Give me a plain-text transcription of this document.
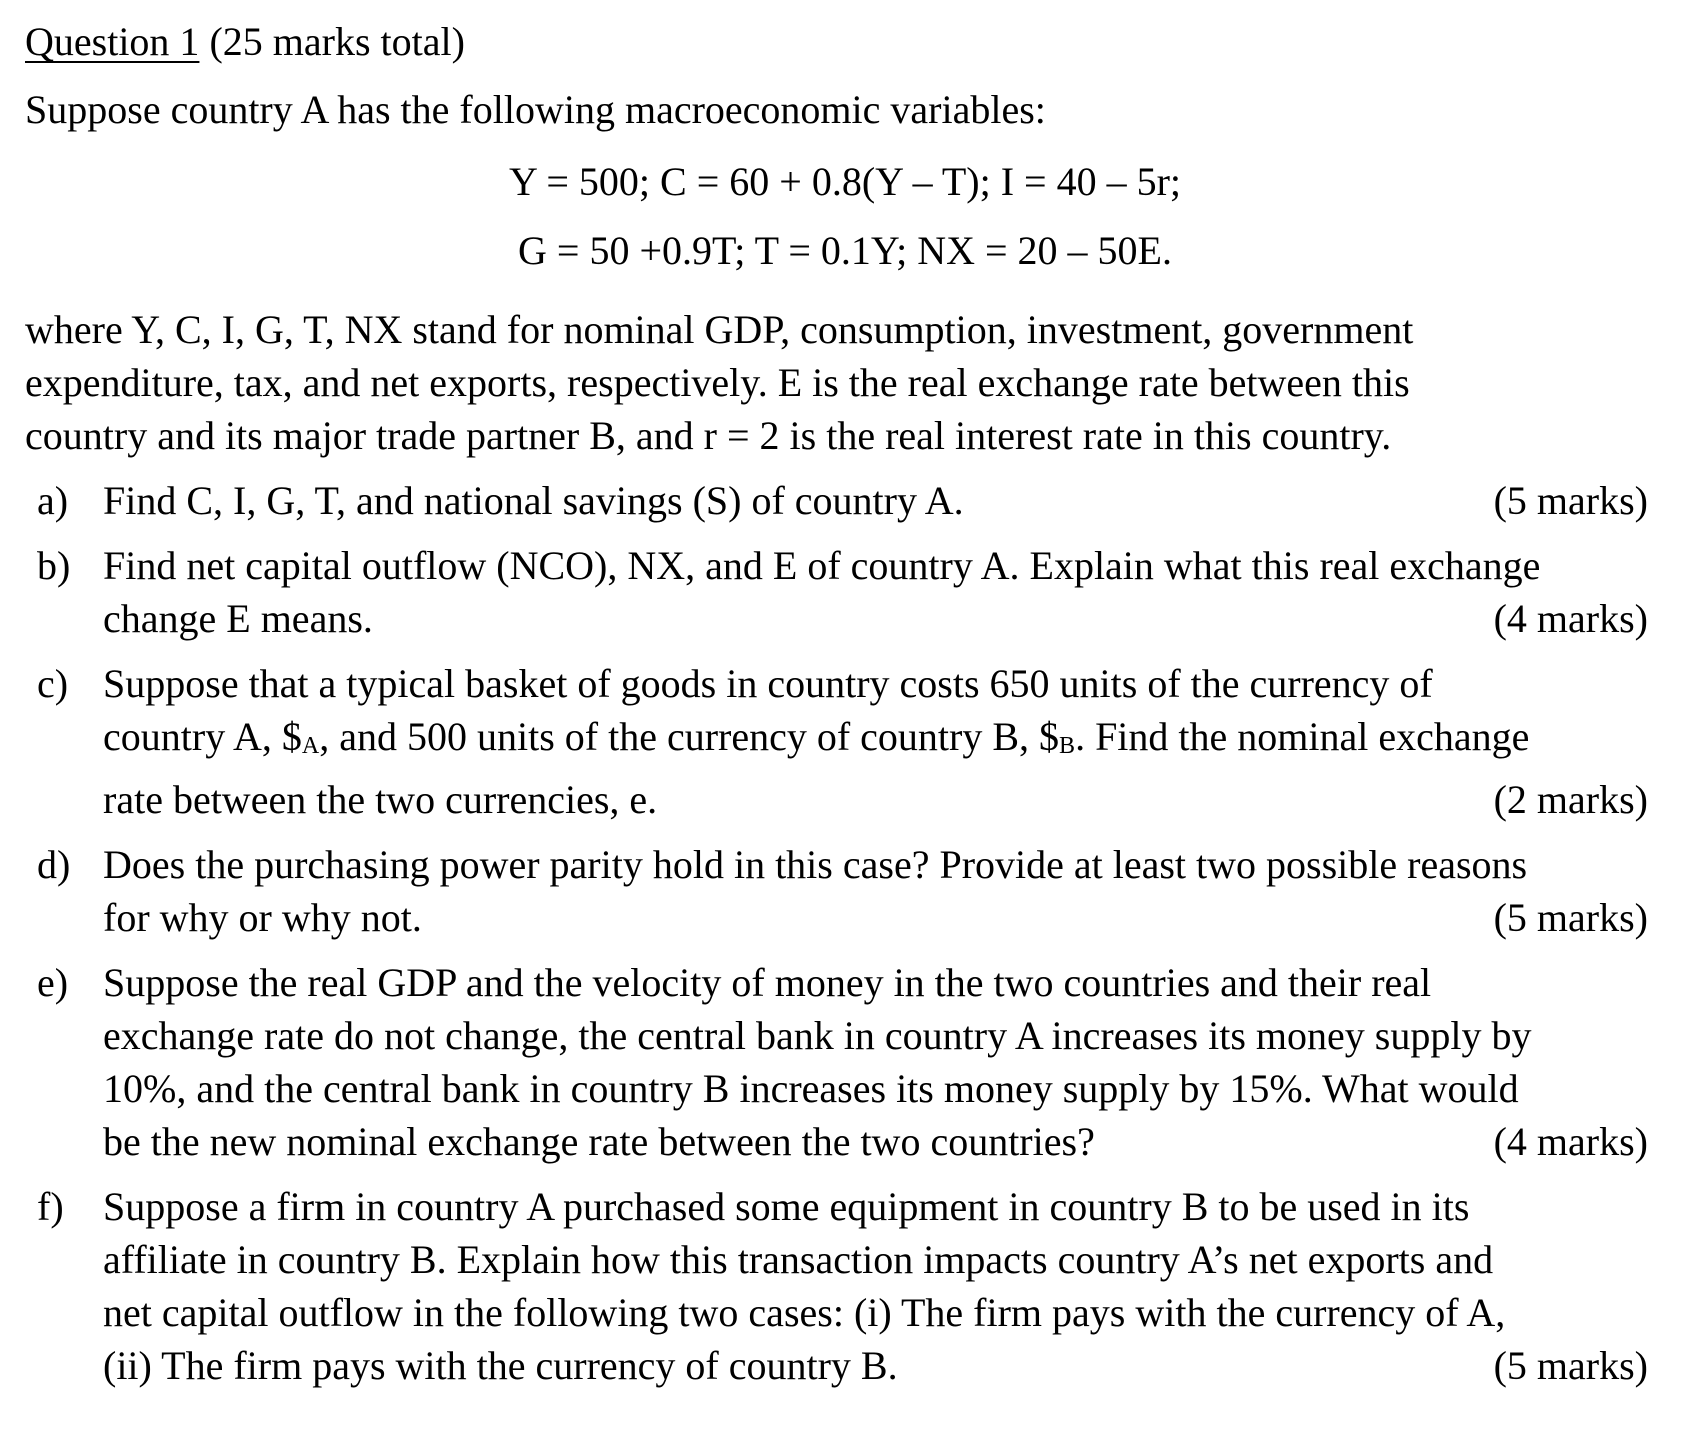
Question 1 (25 marks total)

Suppose country A has the following macroeconomic variables:

Y = 500; C = 60 + 0.8(Y – T); I = 40 – 5r;

G = 50 +0.9T; T = 0.1Y; NX = 20 – 50E.

where Y, C, I, G, T, NX stand for nominal GDP, consumption, investment, government
expenditure, tax, and net exports, respectively. E is the real exchange rate between this
country and its major trade partner B, and r = 2 is the real interest rate in this country.
a)	(5 marks)
Find C, I, G, T, and national savings (S) of country A.
b) Find net capital outflow (NCO), NX, and E of country A. Explain what this real exchange
(4 marks)
change E means.
c) Suppose that a typical basket of goods in country costs 650 units of the currency of
country A, $\$_A$, and 500 units of the currency of country B, $\$_B$. Find the nominal exchange
(2 marks)
rate between the two currencies, e.
d) Does the purchasing power parity hold in this case? Provide at least two possible reasons
(5 marks)
for why or why not.
e) Suppose the real GDP and the velocity of money in the two countries and their real
exchange rate do not change, the central bank in country A increases its money supply by
10%, and the central bank in country B increases its money supply by 15%. What would
(4 marks)
be the new nominal exchange rate between the two countries?
f) Suppose a firm in country A purchased some equipment in country B to be used in its
affiliate in country B. Explain how this transaction impacts country A’s net exports and
net capital outflow in the following two cases: (i) The firm pays with the currency of A,
(5 marks)
(ii) The firm pays with the currency of country B.
